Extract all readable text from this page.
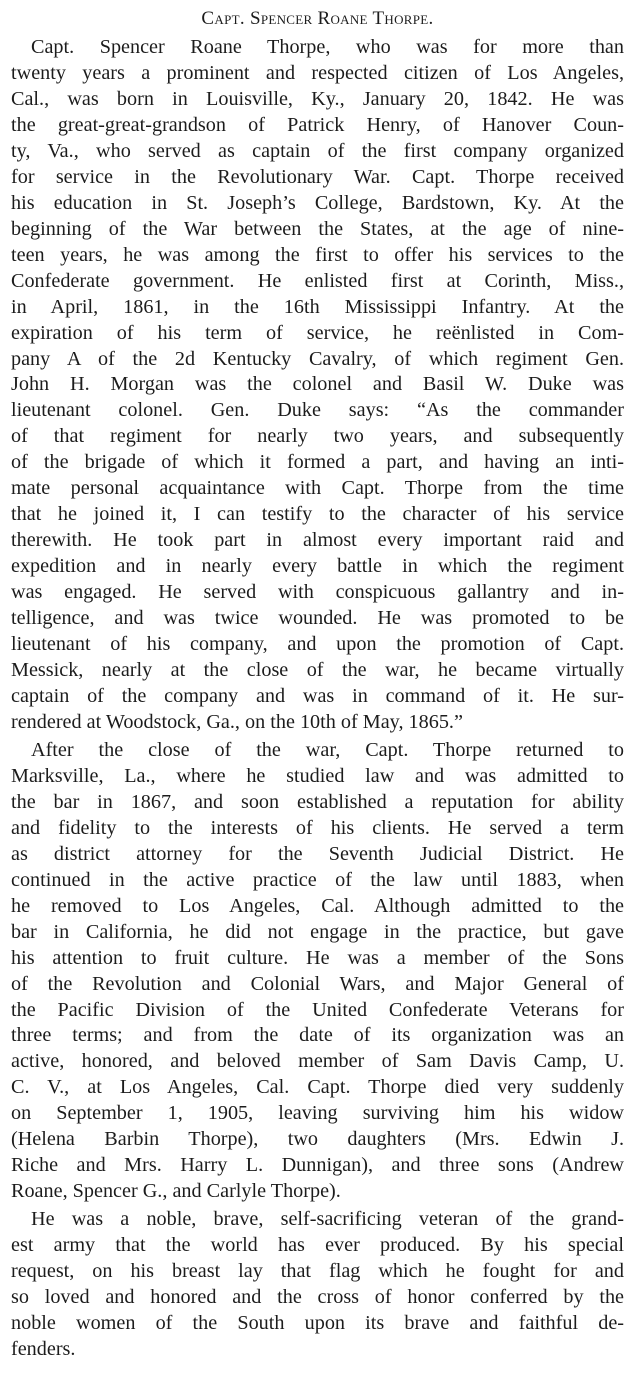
Capt. Spencer Roane Thorpe.
Capt. Spencer Roane Thorpe, who was for more than
twenty years a prominent and respected citizen of Los Angeles,
Cal., was born in Louisville, Ky., January 20, 1842. He was
the great-great-grandson of Patrick Henry, of Hanover Coun-
ty, Va., who served as captain of the first company organized
for service in the Revolutionary War. Capt. Thorpe received
his education in St. Joseph’s College, Bardstown, Ky. At the
beginning of the War between the States, at the age of nine-
teen years, he was among the first to offer his services to the
Confederate government. He enlisted first at Corinth, Miss.,
in April, 1861, in the 16th Mississippi Infantry. At the
expiration of his term of service, he reënlisted in Com-
pany A of the 2d Kentucky Cavalry, of which regiment Gen.
John H. Morgan was the colonel and Basil W. Duke was
lieutenant colonel. Gen. Duke says: “As the commander
of that regiment for nearly two years, and subsequently
of the brigade of which it formed a part, and having an inti-
mate personal acquaintance with Capt. Thorpe from the time
that he joined it, I can testify to the character of his service
therewith. He took part in almost every important raid and
expedition and in nearly every battle in which the regiment
was engaged. He served with conspicuous gallantry and in-
telligence, and was twice wounded. He was promoted to be
lieutenant of his company, and upon the promotion of Capt.
Messick, nearly at the close of the war, he became virtually
captain of the company and was in command of it. He sur-
rendered at Woodstock, Ga., on the 10th of May, 1865.”
After the close of the war, Capt. Thorpe returned to
Marksville, La., where he studied law and was admitted to
the bar in 1867, and soon established a reputation for ability
and fidelity to the interests of his clients. He served a term
as district attorney for the Seventh Judicial District. He
continued in the active practice of the law until 1883, when
he removed to Los Angeles, Cal. Although admitted to the
bar in California, he did not engage in the practice, but gave
his attention to fruit culture. He was a member of the Sons
of the Revolution and Colonial Wars, and Major General of
the Pacific Division of the United Confederate Veterans for
three terms; and from the date of its organization was an
active, honored, and beloved member of Sam Davis Camp, U.
C. V., at Los Angeles, Cal. Capt. Thorpe died very suddenly
on September 1, 1905, leaving surviving him his widow
(Helena Barbin Thorpe), two daughters (Mrs. Edwin J.
Riche and Mrs. Harry L. Dunnigan), and three sons (Andrew
Roane, Spencer G., and Carlyle Thorpe).
He was a noble, brave, self-sacrificing veteran of the grand-
est army that the world has ever produced. By his special
request, on his breast lay that flag which he fought for and
so loved and honored and the cross of honor conferred by the
noble women of the South upon its brave and faithful de-
fenders.
